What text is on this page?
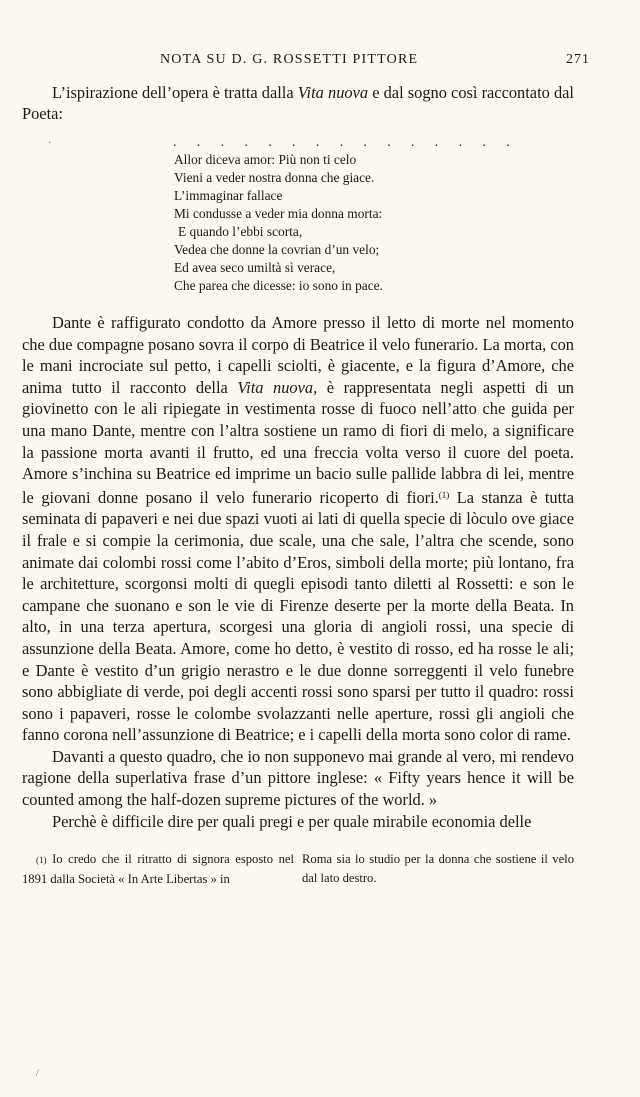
NOTA SU D. G. ROSSETTI PITTORE	271

L’ispirazione dell’opera è tratta dalla Vita nuova e dal sogno così raccontato dal Poeta:

. . . . . . . . . . . . . . .
Allor diceva amor: Più non ti celo
Vieni a veder nostra donna che giace.
L’immaginar fallace
Mi condusse a veder mia donna morta:
E quando l’ebbi scorta,
Vedea che donne la covrian d’un velo;
Ed avea seco umiltà sì verace,
Che parea che dicesse: io sono in pace.

Dante è raffigurato condotto da Amore presso il letto di morte nel momento che due compagne posano sovra il corpo di Beatrice il velo funerario. La morta, con le mani incrociate sul petto, i capelli sciolti, è giacente, e la figura d’Amore, che anima tutto il racconto della Vita nuova, è rappresentata negli aspetti di un giovinetto con le ali ripiegate in vestimenta rosse di fuoco nell’atto che guida per una mano Dante, mentre con l’altra sostiene un ramo di fiori di melo, a significare la passione morta avanti il frutto, ed una freccia volta verso il cuore del poeta. Amore s’inchina su Beatrice ed imprime un bacio sulle pallide labbra di lei, mentre le giovani donne posano il velo funerario ricoperto di fiori.$^{(1)}$ La stanza è tutta seminata di papaveri e nei due spazi vuoti ai lati di quella specie di lòculo ove giace il frale e si compie la cerimonia, due scale, una che sale, l’altra che scende, sono animate dai colombi rossi come l’abito d’Eros, simboli della morte; più lontano, fra le architetture, scorgonsi molti di quegli episodi tanto diletti al Rossetti: e son le campane che suonano e son le vie di Firenze deserte per la morte della Beata. In alto, in una terza apertura, scorgesi una gloria di angioli rossi, una specie di assunzione della Beata. Amore, come ho detto, è vestito di rosso, ed ha rosse le ali; e Dante è vestito d’un grigio nerastro e le due donne sorreggenti il velo funebre sono abbigliate di verde, poi degli accenti rossi sono sparsi per tutto il quadro: rossi sono i papaveri, rosse le colombe svolazzanti nelle aperture, rossi gli angioli che fanno corona nell’assunzione di Beatrice; e i capelli della morta sono color di rame.

Davanti a questo quadro, che io non supponevo mai grande al vero, mi rendevo ragione della superlativa frase d’un pittore inglese: « Fifty years hence it will be counted among the half-dozen supreme pictures of the world. »

Perchè è difficile dire per quali pregi e per quale mirabile economia delle

(1) Io credo che il ritratto di signora esposto nel 1891 dalla Società « In Arte Libertas » in
Roma sia lo studio per la donna che sostiene il velo dal lato destro.
·
/
